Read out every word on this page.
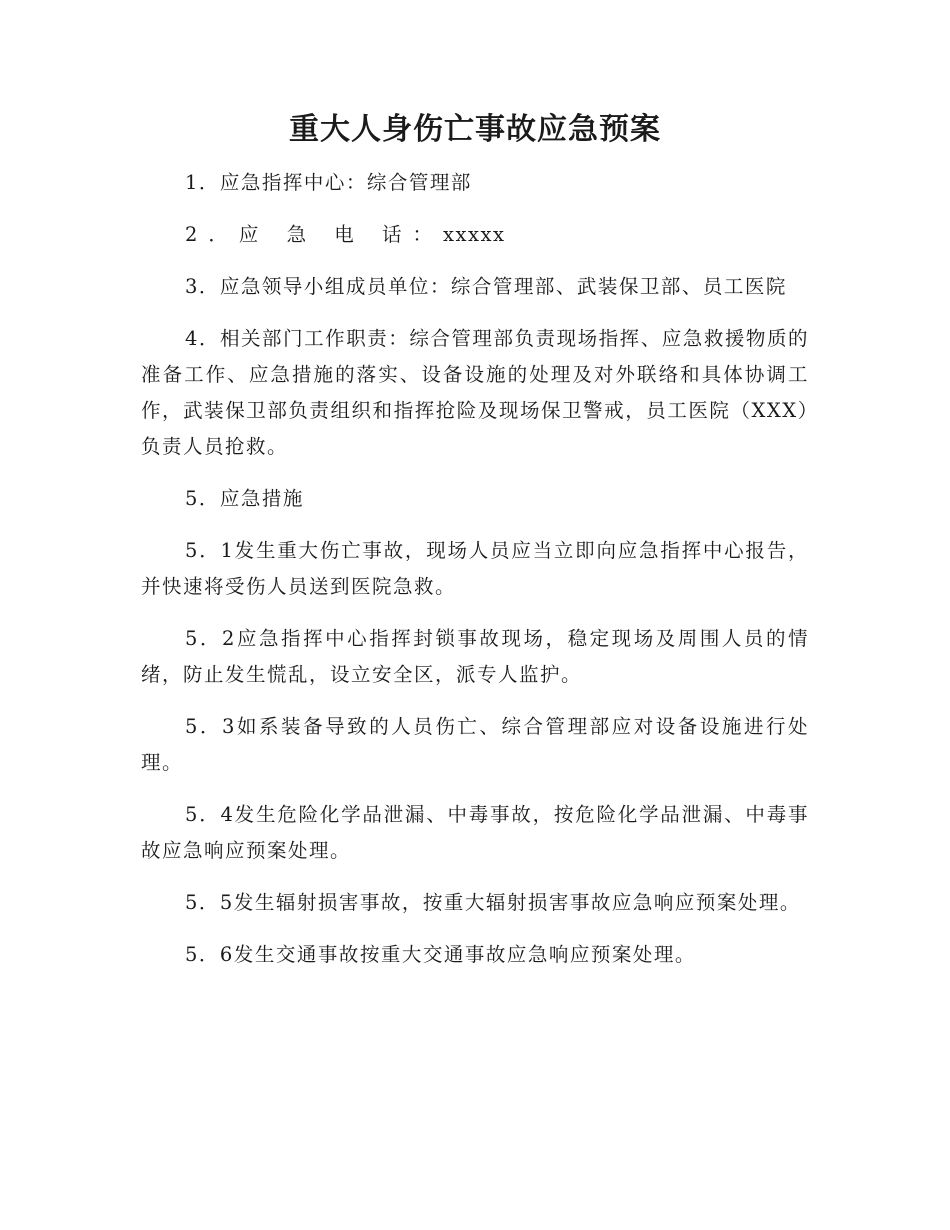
重大人身伤亡事故应急预案

1．应急指挥中心：综合管理部

2．应 急 电 话：xxxxx

3．应急领导小组成员单位：综合管理部、武装保卫部、员工医院

4．相关部门工作职责：综合管理部负责现场指挥、应急救援物质的准备工作、应急措施的落实、设备设施的处理及对外联络和具体协调工作，武装保卫部负责组织和指挥抢险及现场保卫警戒，员工医院（XXX）负责人员抢救。

5．应急措施

5．1发生重大伤亡事故，现场人员应当立即向应急指挥中心报告，并快速将受伤人员送到医院急救。

5．2应急指挥中心指挥封锁事故现场，稳定现场及周围人员的情绪，防止发生慌乱，设立安全区，派专人监护。

5．3如系装备导致的人员伤亡、综合管理部应对设备设施进行处理。

5．4发生危险化学品泄漏、中毒事故，按危险化学品泄漏、中毒事故应急响应预案处理。

5．5发生辐射损害事故，按重大辐射损害事故应急响应预案处理。

5．6发生交通事故按重大交通事故应急响应预案处理。
